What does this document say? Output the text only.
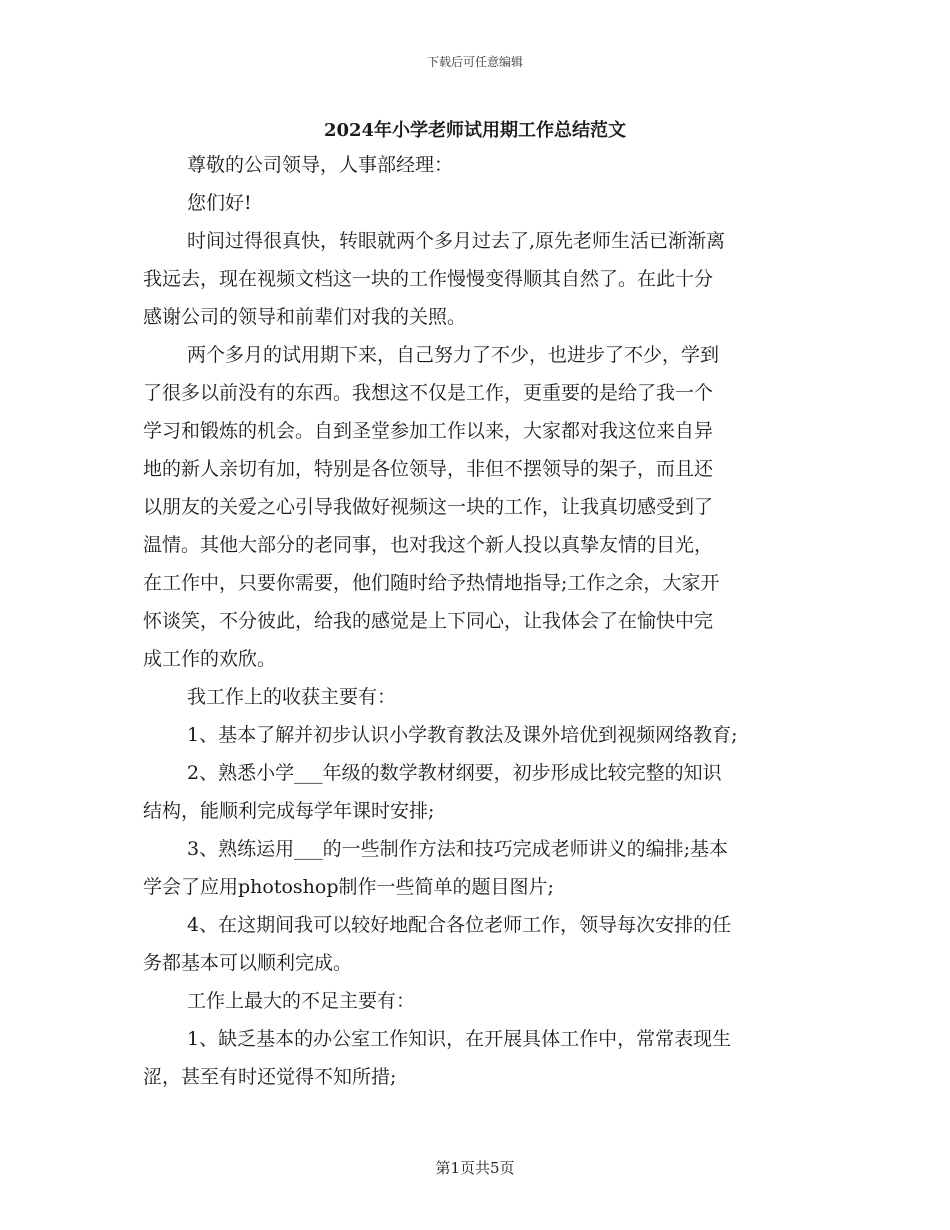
下载后可任意编辑
2024年小学老师试用期工作总结范文
尊敬的公司领导，人事部经理：
您们好!
时间过得很真快，转眼就两个多月过去了,原先老师生活已渐渐离
我远去，现在视频文档这一块的工作慢慢变得顺其自然了。在此十分
感谢公司的领导和前辈们对我的关照。
两个多月的试用期下来，自己努力了不少，也进步了不少，学到
了很多以前没有的东西。我想这不仅是工作，更重要的是给了我一个
学习和锻炼的机会。自到圣堂参加工作以来，大家都对我这位来自异
地的新人亲切有加，特别是各位领导，非但不摆领导的架子，而且还
以朋友的关爱之心引导我做好视频这一块的工作，让我真切感受到了
温情。其他大部分的老同事，也对我这个新人投以真挚友情的目光，
在工作中，只要你需要，他们随时给予热情地指导;工作之余，大家开
怀谈笑，不分彼此，给我的感觉是上下同心，让我体会了在愉快中完
成工作的欢欣。
我工作上的收获主要有：
1、基本了解并初步认识小学教育教法及课外培优到视频网络教育;
2、熟悉小学___年级的数学教材纲要，初步形成比较完整的知识
结构，能顺利完成每学年课时安排;
3、熟练运用___的一些制作方法和技巧完成老师讲义的编排;基本
学会了应用photoshop制作一些简单的题目图片;
4、在这期间我可以较好地配合各位老师工作，领导每次安排的任
务都基本可以顺利完成。
工作上最大的不足主要有：
1、缺乏基本的办公室工作知识，在开展具体工作中，常常表现生
涩，甚至有时还觉得不知所措;
第1页共5页
